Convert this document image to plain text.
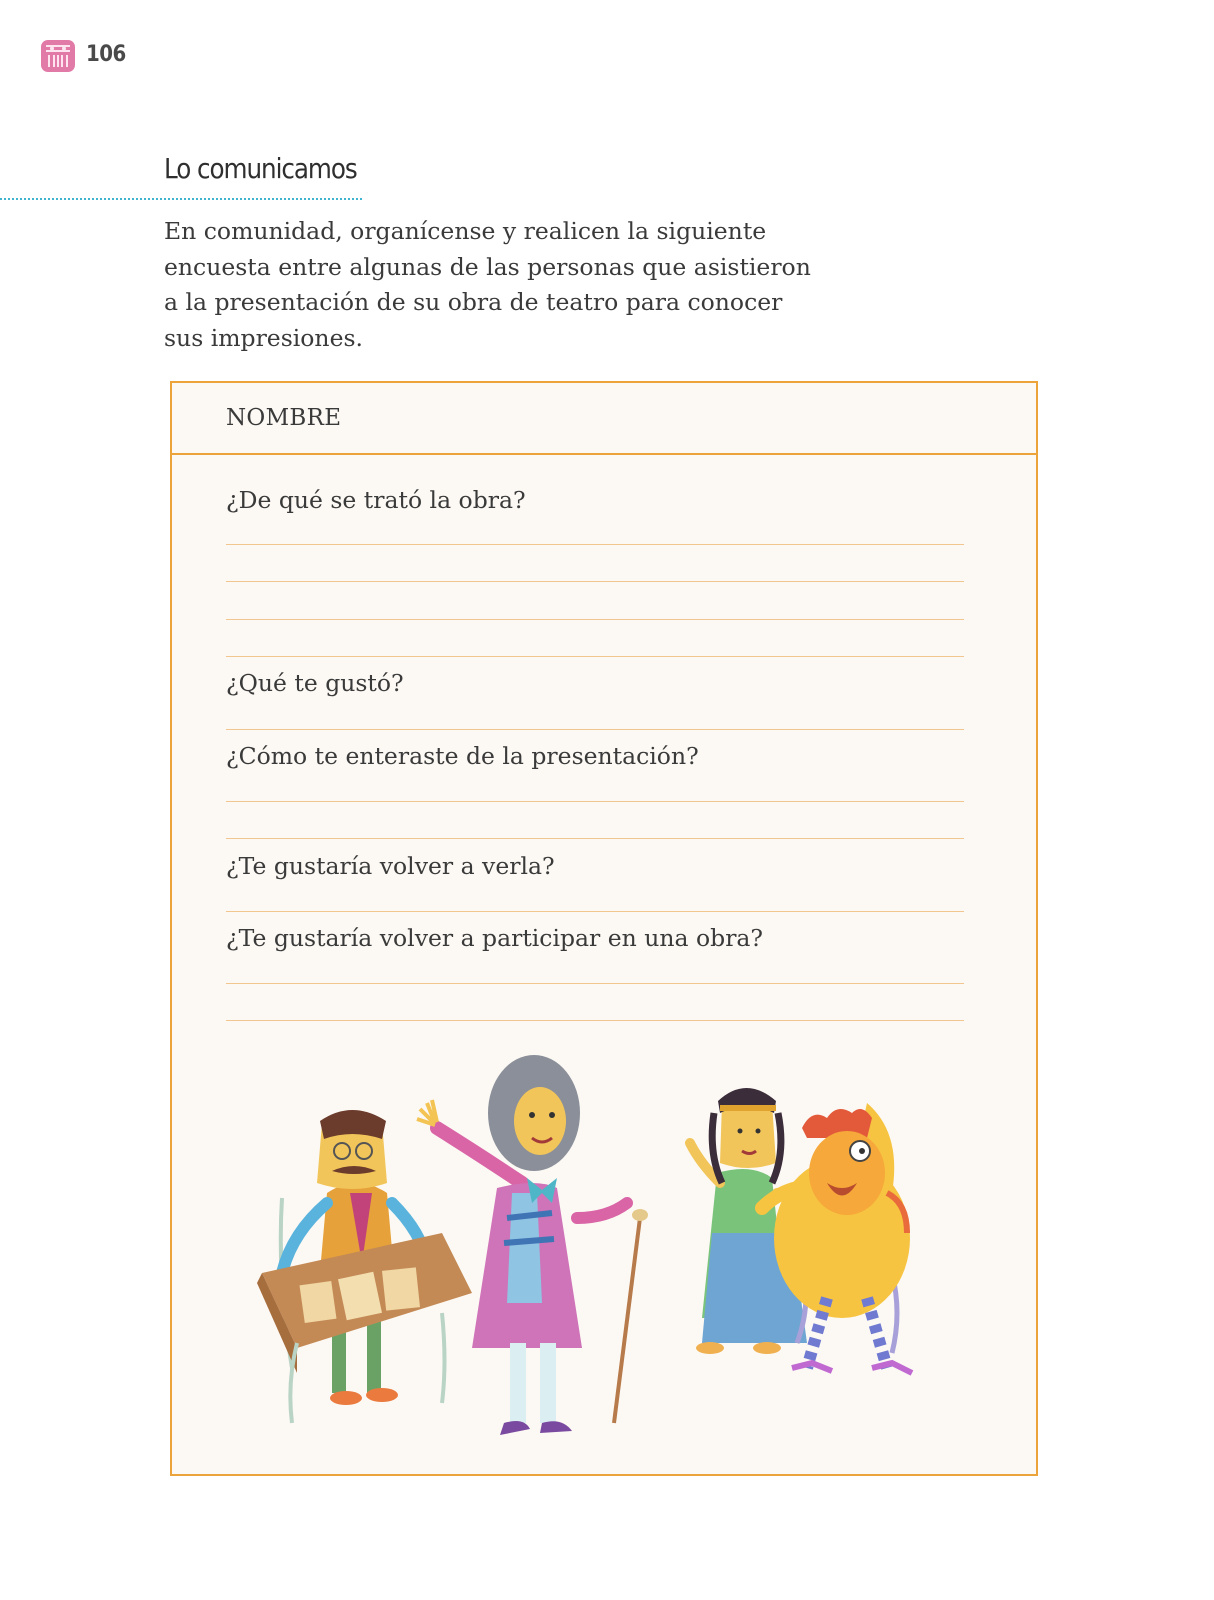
106
Lo comunicamos

En comunidad, organícense y realicen la siguiente encuesta entre algunas de las personas que asistieron a la presentación de su obra de teatro para conocer sus impresiones.

NOMBRE
¿De qué se trató la obra?
¿Qué te gustó?
¿Cómo te enteraste de la presentación?
¿Te gustaría volver a verla?
¿Te gustaría volver a participar en una obra?
